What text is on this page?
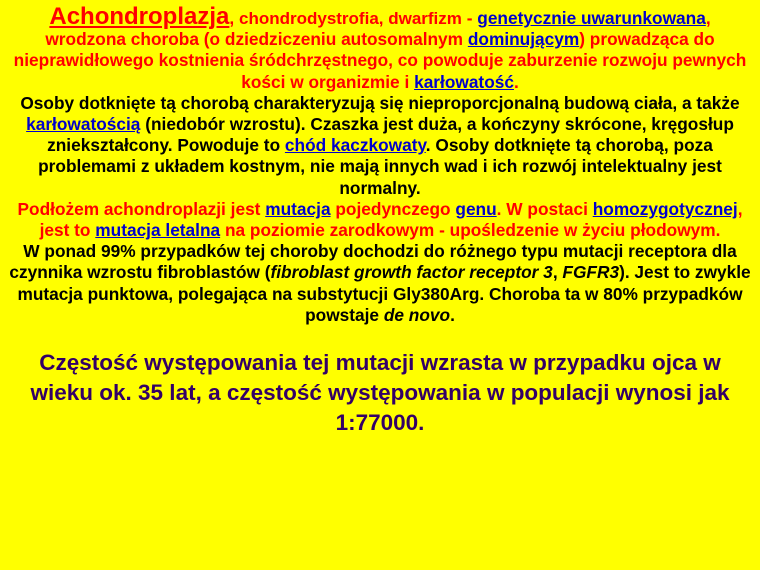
Achondroplazja, chondrodystrofia, dwarfizm - genetycznie uwarunkowana, wrodzona choroba (o dziedziczeniu autosomalnym dominującym) prowadząca do nieprawidłowego kostnienia śródchrzęstnego, co powoduje zaburzenie rozwoju pewnych kości w organizmie i karłowatość.

Osoby dotknięte tą chorobą charakteryzują się nieproporcjonalną budową ciała, a także karłowatością (niedobór wzrostu). Czaszka jest duża, a kończyny skrócone, kręgosłup zniekształcony. Powoduje to chód kaczkowaty. Osoby dotknięte tą chorobą, poza problemami z układem kostnym, nie mają innych wad i ich rozwój intelektualny jest normalny.

Podłożem achondroplazji jest mutacja pojedynczego genu. W postaci homozygotycznej, jest to mutacja letalna na poziomie zarodkowym - upośledzenie w życiu płodowym.

W ponad 99% przypadków tej choroby dochodzi do różnego typu mutacji receptora dla czynnika wzrostu fibroblastów (fibroblast growth factor receptor 3, FGFR3). Jest to zwykle mutacja punktowa, polegająca na substytucji Gly380Arg. Choroba ta w 80% przypadków powstaje de novo.

Częstość występowania tej mutacji wzrasta w przypadku ojca w wieku ok. 35 lat, a częstość występowania w populacji wynosi jak 1:77000.
